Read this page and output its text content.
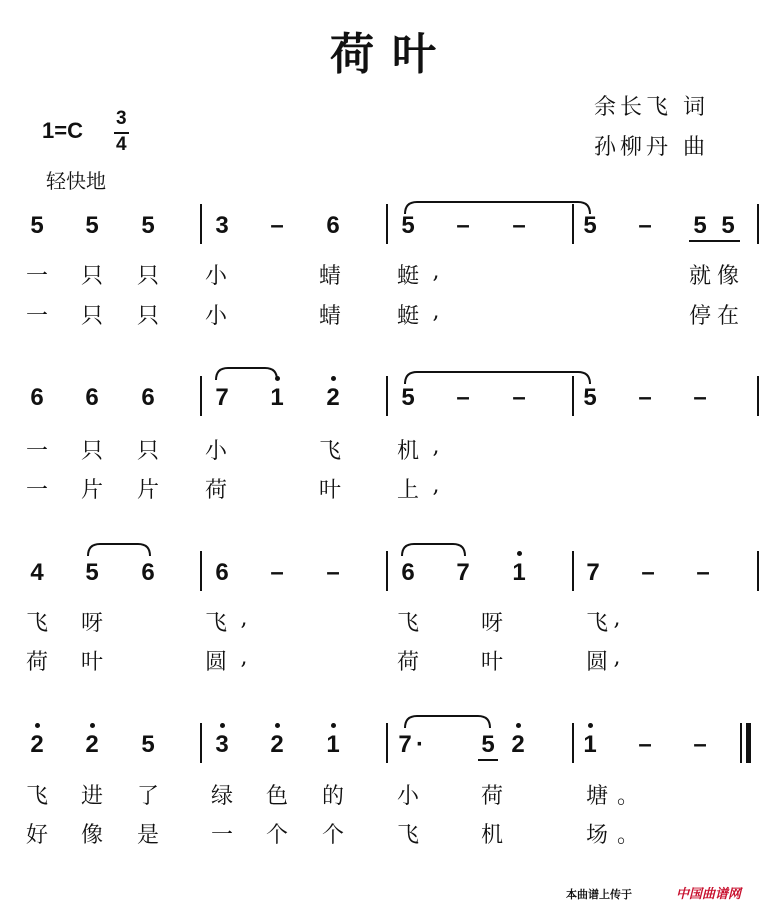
荷叶
余长飞 词
孙柳丹 曲
1=C 3
4
轻快地
5	5	5	3	–	6	5	–	–	5	–	5 5
一 只 只 小	蜻	蜓 ,	就 像
一 只 只 小	蜻	蜓 ,	停 在
6	6	6	7	1	2	5	–	–	5	–	–
一 只 只 小	飞	机 ,
一 片 片 荷	叶	上 ,
4	5	6	6	–	–	6	7	1	7	–	–
飞 呀	飞 ,	飞	呀	飞 ,
荷 叶	圆 ,	荷	叶	圆 ,
2	2	5	3	2	1	7 ·	5 2	1	–	–
飞 进 了 绿 色 的 小	荷	塘 。
好 像 是 一 个 个 飞	机	场 。
本曲谱上传于	中国曲谱网
